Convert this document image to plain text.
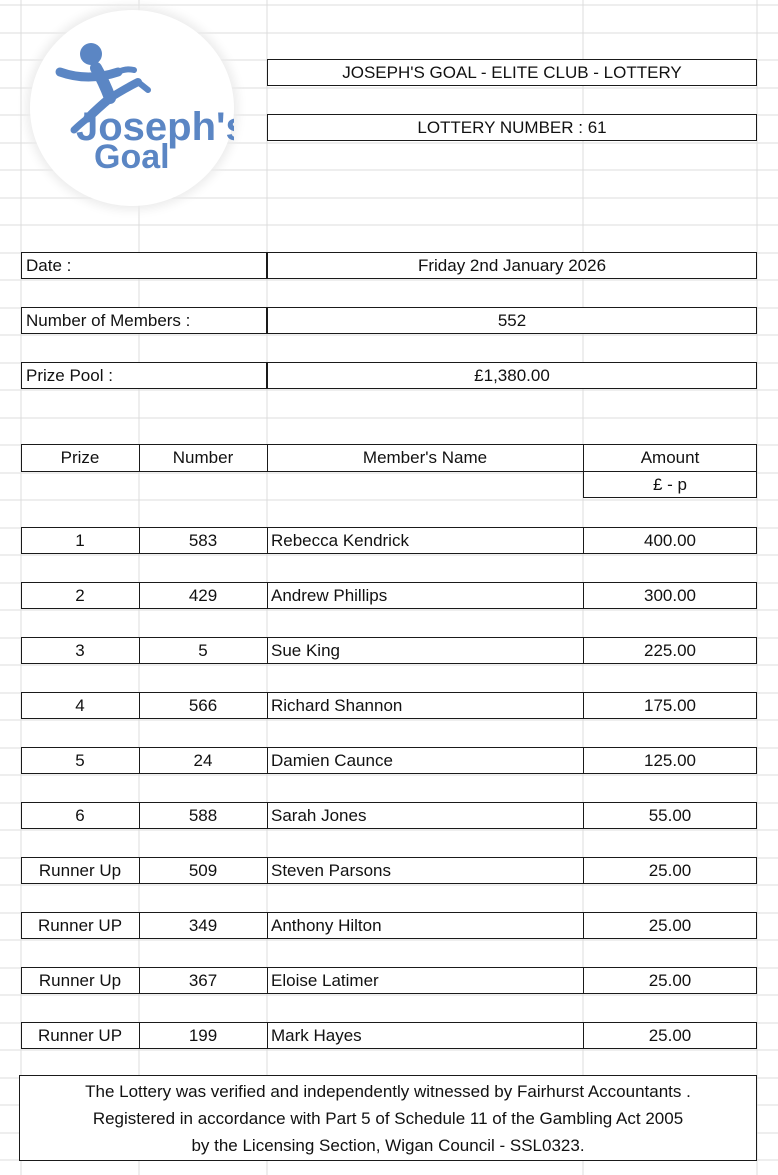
Joseph's
Goal
JOSEPH'S GOAL - ELITE CLUB - LOTTERY
LOTTERY NUMBER : 61
Date :	Friday 2nd January 2026
Number of Members :	552
Prize Pool :	£1,380.00
Prize	Number	Member's Name	Amount
£ - p
1	583	Rebecca Kendrick	400.00
2	429	Andrew Phillips	300.00
3	5	Sue King	225.00
4	566	Richard Shannon	175.00
5	24	Damien Caunce	125.00
6	588	Sarah Jones	55.00
Runner Up	509	Steven Parsons	25.00
Runner UP	349	Anthony Hilton	25.00
Runner Up	367	Eloise Latimer	25.00
Runner UP	199	Mark Hayes	25.00
The Lottery was verified and independently witnessed by Fairhurst Accountants .
Registered in accordance with Part 5 of Schedule 11 of the Gambling Act 2005
by the Licensing Section, Wigan Council - SSL0323.
